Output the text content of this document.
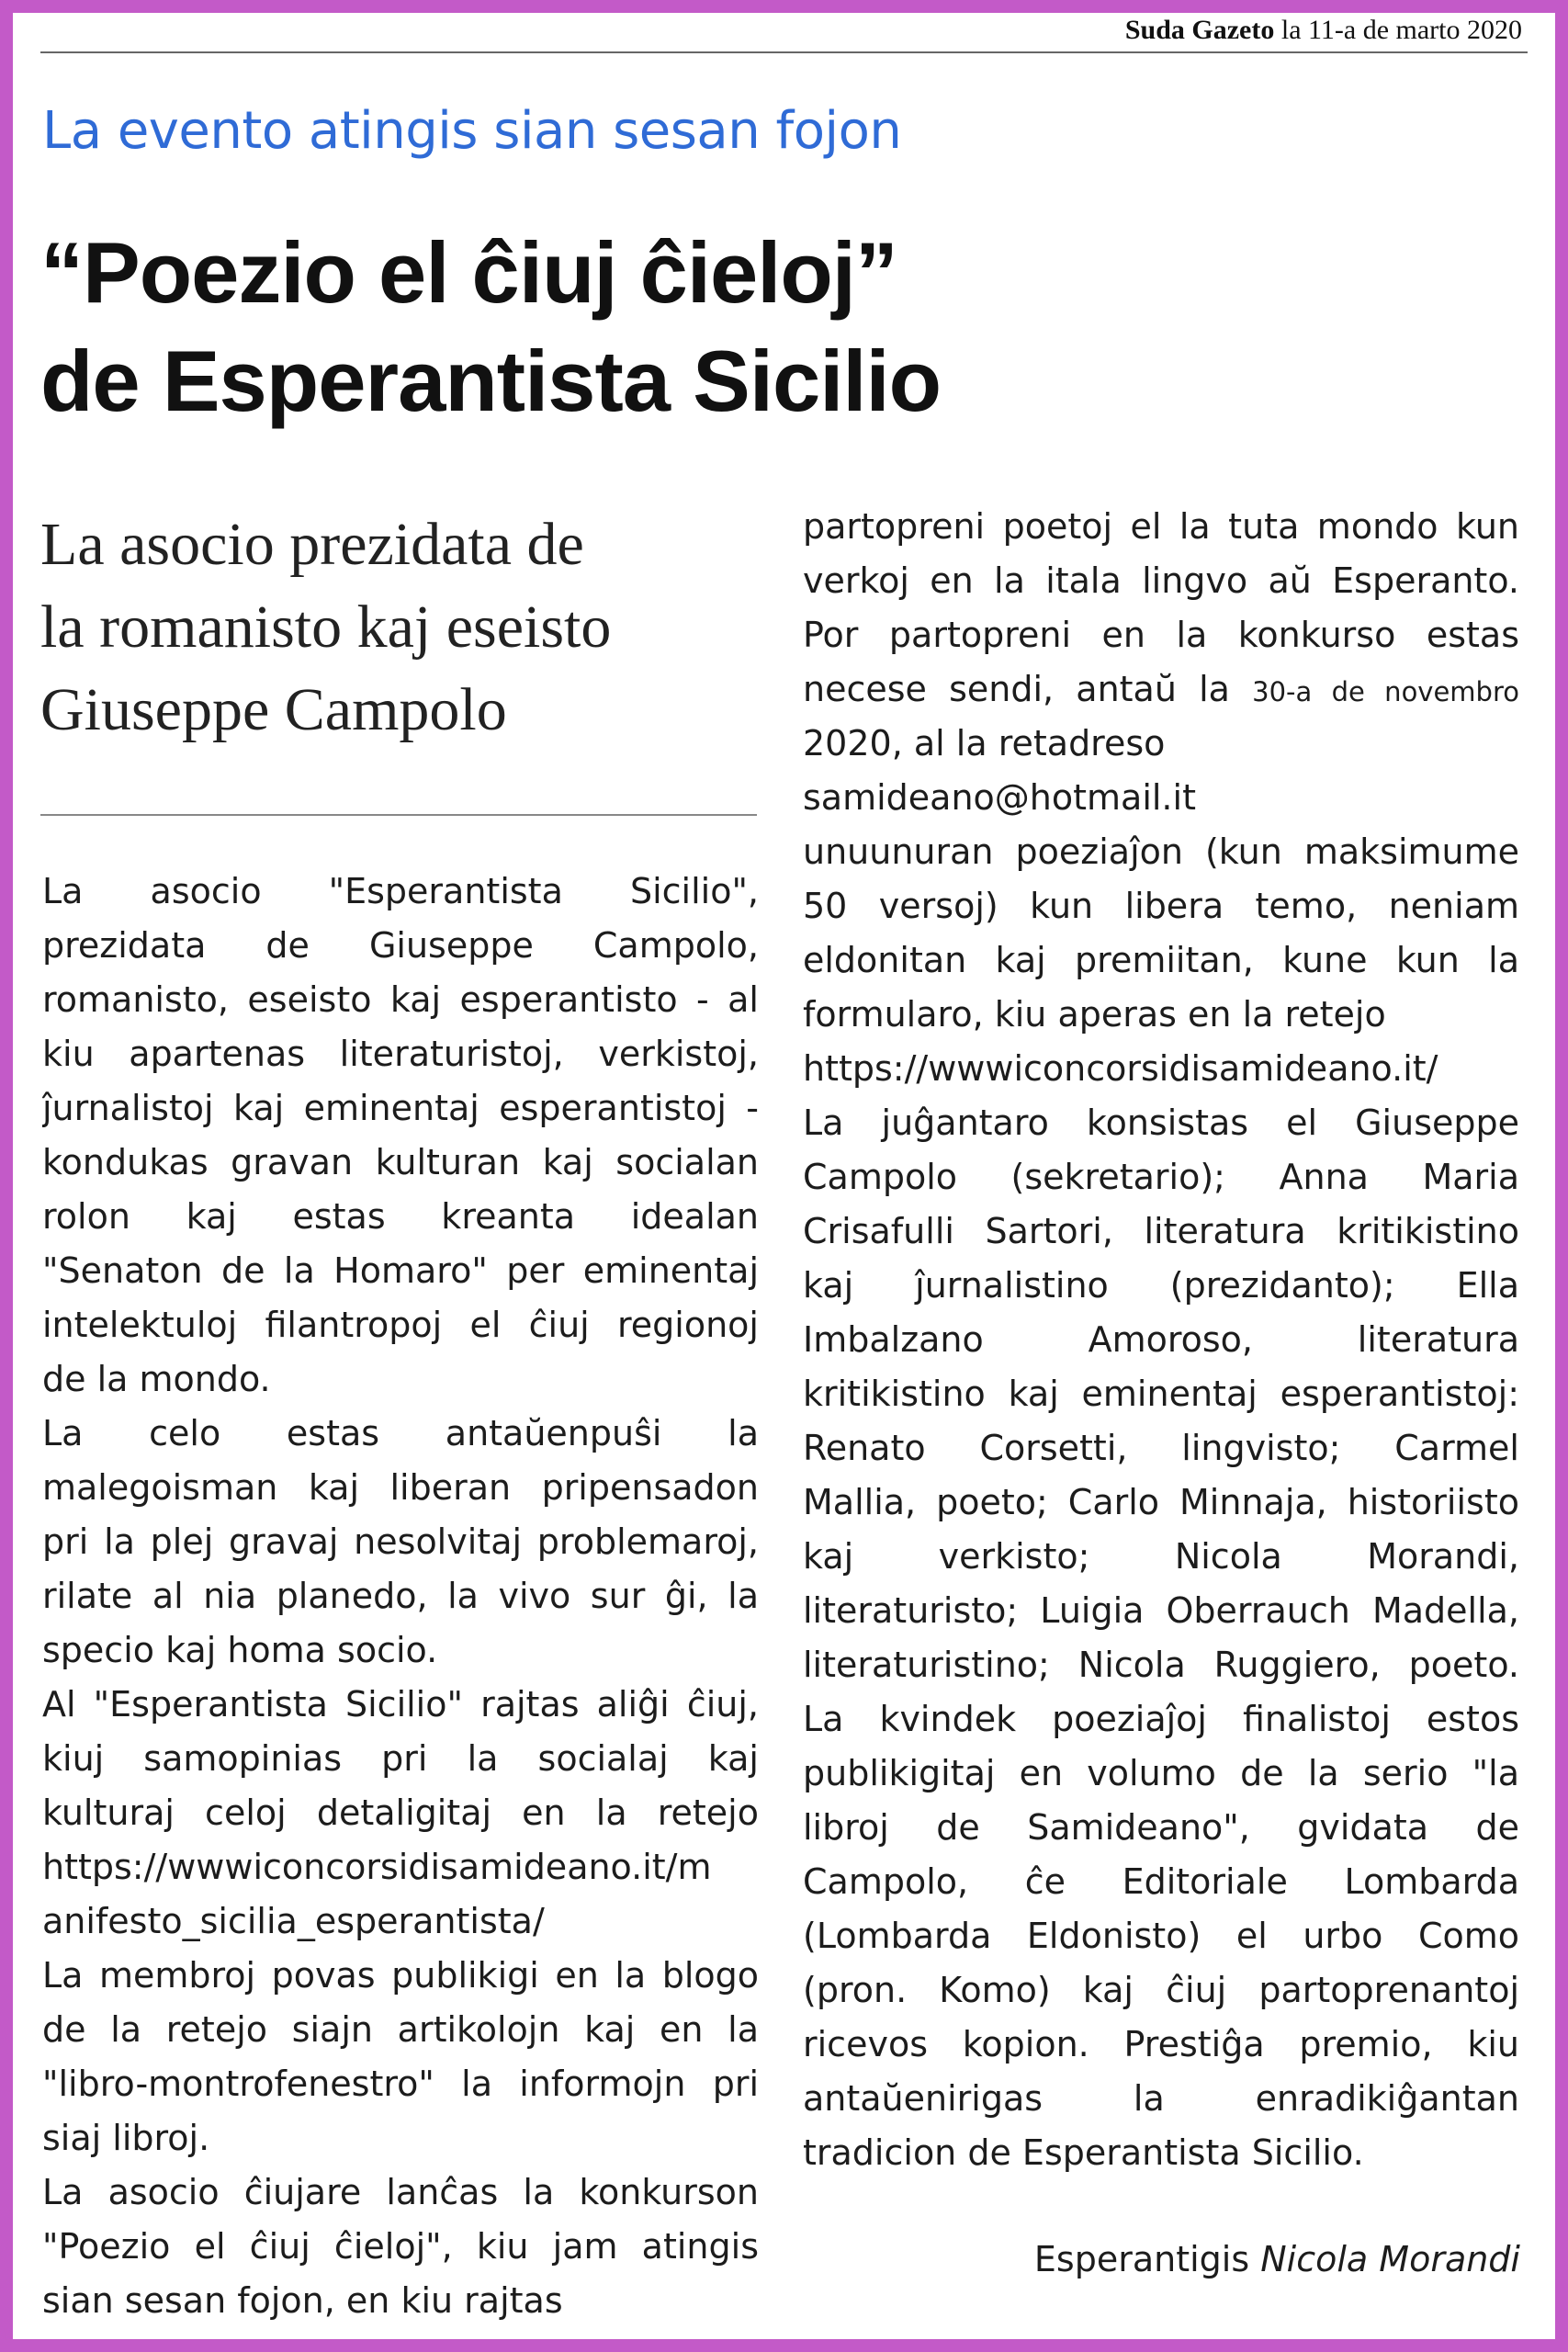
Suda Gazeto la 11-a de marto 2020
La evento atingis sian sesan fojon
“Poezio el ĉiuj ĉieloj”
de Esperantista Sicilio
La asocio prezidata de
la romanisto kaj eseisto
Giuseppe Campolo
La asocio "Esperantista Sicilio",
prezidata de Giuseppe Campolo,
romanisto, eseisto kaj esperantisto - al
kiu apartenas literaturistoj, verkistoj,
ĵurnalistoj kaj eminentaj esperantistoj -
kondukas gravan kulturan kaj socialan
rolon kaj estas kreanta idealan
"Senaton de la Homaro" per eminentaj
intelektuloj filantropoj el ĉiuj regionoj
de la mondo.
La celo estas antaŭenpuŝi la
malegoisman kaj liberan pripensadon
pri la plej gravaj nesolvitaj problemaroj,
rilate al nia planedo, la vivo sur ĝi, la
specio kaj homa socio.
Al "Esperantista Sicilio" rajtas aliĝi ĉiuj,
kiuj samopinias pri la socialaj kaj
kulturaj celoj detaligitaj en la retejo
https://wwwiconcorsidisamideano.it/m
anifesto_sicilia_esperantista/
La membroj povas publikigi en la blogo
de la retejo siajn artikolojn kaj en la
"libro-montrofenestro" la informojn pri
siaj libroj.
La asocio ĉiujare lanĉas la konkurson
"Poezio el ĉiuj ĉieloj", kiu jam atingis
sian sesan fojon, en kiu rajtas
partopreni poetoj el la tuta mondo kun
verkoj en la itala lingvo aŭ Esperanto.
Por partopreni en la konkurso estas
necese sendi, antaŭ la 30-a de novembro
2020, al la retadreso
samideano@hotmail.it
unuunuran poeziaĵon (kun maksimume
50 versoj) kun libera temo, neniam
eldonitan kaj premiitan, kune kun la
formularo, kiu aperas en la retejo
https://wwwiconcorsidisamideano.it/
La juĝantaro konsistas el Giuseppe
Campolo (sekretario); Anna Maria
Crisafulli Sartori, literatura kritikistino
kaj ĵurnalistino (prezidanto); Ella
Imbalzano Amoroso, literatura
kritikistino kaj eminentaj esperantistoj:
Renato Corsetti, lingvisto; Carmel
Mallia, poeto; Carlo Minnaja, historiisto
kaj verkisto; Nicola Morandi,
literaturisto; Luigia Oberrauch Madella,
literaturistino; Nicola Ruggiero, poeto.
La kvindek poeziaĵoj finalistoj estos
publikigitaj en volumo de la serio "la
libroj de Samideano", gvidata de
Campolo, ĉe Editoriale Lombarda
(Lombarda Eldonisto) el urbo Como
(pron. Komo) kaj ĉiuj partoprenantoj
ricevos kopion. Prestiĝa premio, kiu
antaŭenirigas la enradikiĝantan
tradicion de Esperantista Sicilio.
Esperantigis Nicola Morandi
